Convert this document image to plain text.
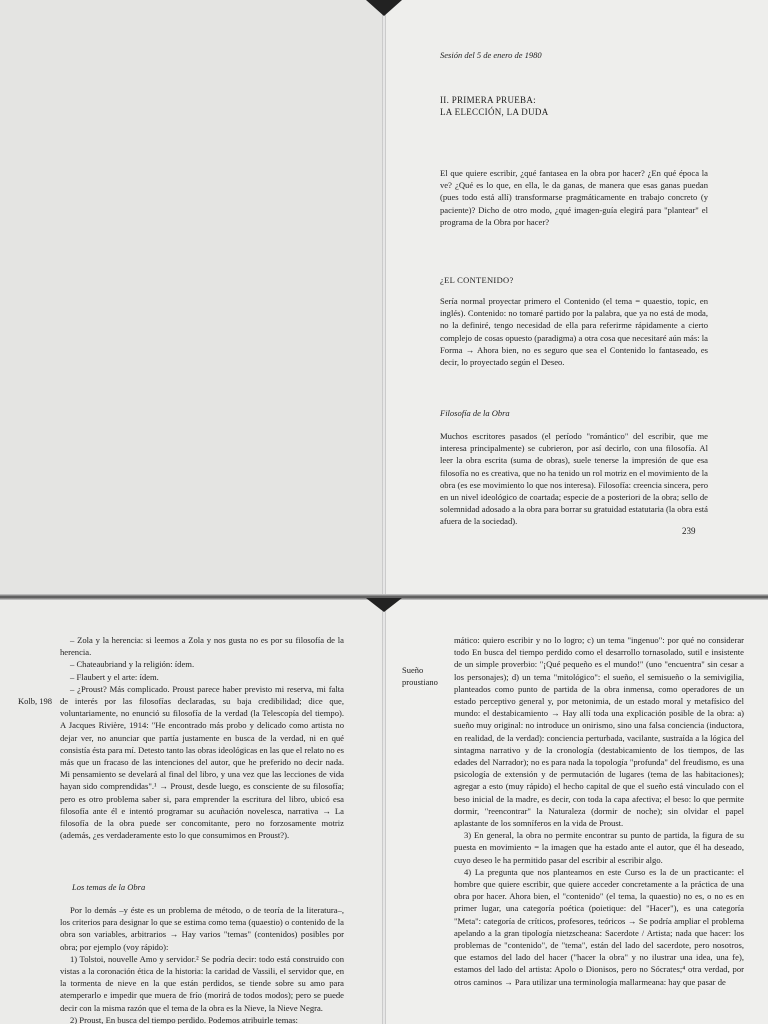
Sesión del 5 de enero de 1980
II. PRIMERA PRUEBA:
LA ELECCIÓN, LA DUDA

El que quiere escribir, ¿qué fantasea en la obra por hacer? ¿En qué época la ve? ¿Qué es lo que, en ella, le da ganas, de manera que esas ganas puedan (pues todo está allí) transformarse pragmáticamente en trabajo concreto (y paciente)? Dicho de otro modo, ¿qué imagen-guía elegirá para "plantear" el programa de la Obra por hacer?

¿EL CONTENIDO?

Sería normal proyectar primero el Contenido (el tema = quaestio, topic, en inglés). Contenido: no tomaré partido por la palabra, que ya no está de moda, no la definiré, tengo necesidad de ella para referirme rápidamente a cierto complejo de cosas opuesto (paradigma) a otra cosa que necesitaré aún más: la Forma → Ahora bien, no es seguro que sea el Contenido lo fantaseado, es decir, lo proyectado según el Deseo.

Filosofía de la Obra

Muchos escritores pasados (el período "romántico" del escribir, que me interesa principalmente) se cubrieron, por así decirlo, con una filosofía. Al leer la obra escrita (suma de obras), suele tenerse la impresión de que esa filosofía no es creativa, que no ha tenido un rol motriz en el movimiento de la obra (es ese movimiento lo que nos interesa). Filosofía: creencia sincera, pero en un nivel ideológico de coartada; especie de a posteriori de la obra; sello de solemnidad adosado a la obra para borrar su gratuidad estatutaria (la obra está afuera de la sociedad).

239
Kolb, 198

– Zola y la herencia: si leemos a Zola y nos gusta no es por su filosofía de la herencia.

– Chateaubriand y la religión: ídem.

– Flaubert y el arte: ídem.

– ¿Proust? Más complicado. Proust parece haber previsto mi reserva, mi falta de interés por las filosofías declaradas, su baja credibilidad; dice que, voluntariamente, no enunció su filosofía de la verdad (la Telescopía del tiempo). A Jacques Rivière, 1914: "He encontrado más probo y delicado como artista no dejar ver, no anunciar que partía justamente en busca de la verdad, ni en qué consistía ésta para mí. Detesto tanto las obras ideológicas en las que el relato no es más que un fracaso de las intenciones del autor, que he preferido no decir nada. Mi pensamiento se develará al final del libro, y una vez que las lecciones de vida hayan sido comprendidas".¹ → Proust, desde luego, es consciente de su filosofía; pero es otro problema saber si, para emprender la escritura del libro, ubicó esa filosofía ante él e intentó programar su acuñación novelesca, narrativa → La filosofía de la obra puede ser concomitante, pero no forzosamente motriz (además, ¿es verdaderamente esto lo que consumimos en Proust?).

Los temas de la Obra

Por lo demás –y éste es un problema de método, o de teoría de la literatura–, los criterios para designar lo que se estima como tema (quaestio) o contenido de la obra son variables, arbitrarios → Hay varios "temas" (contenidos) posibles por obra; por ejemplo (voy rápido):

1) Tolstoi, nouvelle Amo y servidor.² Se podría decir: todo está construido con vistas a la coronación ética de la historia: la caridad de Vassili, el servidor que, en la tormenta de nieve en la que están perdidos, se tiende sobre su amo para atemperarlo e impedir que muera de frío (morirá de todos modos); pero se puede decir con la misma razón que el tema de la obra es la Nieve, la Nieve Negra.

2) Proust, En busca del tiempo perdido. Podemos atribuirle temas:

Sueño
proustiano

mático: quiero escribir y no lo logro; c) un tema "ingenuo": por qué no considerar todo En busca del tiempo perdido como el desarrollo tornasolado, sutil e insistente de un simple proverbio: "¡Qué pequeño es el mundo!" (uno "encuentra" sin cesar a los personajes); d) un tema "mitológico": el sueño, el semisueño o la semivigilia, planteados como punto de partida de la obra inmensa, como operadores de un estado perceptivo general y, por metonimia, de un estado moral y metafísico del mundo: el destabicamiento → Hay allí toda una explicación posible de la obra: a) sueño muy original: no introduce un onirismo, sino una falsa conciencia (inductora, en realidad, de la verdad): conciencia perturbada, vacilante, sustraída a la lógica del sintagma narrativo y de la cronología (destabicamiento de los tiempos, de las edades del Narrador); no es para nada la topología "profunda" del freudismo, es una psicología de extensión y de permutación de lugares (tema de las habitaciones); agregar a esto (muy rápido) el hecho capital de que el sueño está vinculado con el beso inicial de la madre, es decir, con toda la capa afectiva; el beso: lo que permite dormir, "reencontrar" la Naturaleza (dormir de noche); sin olvidar el papel aplastante de los somníferos en la vida de Proust.

3) En general, la obra no permite encontrar su punto de partida, la figura de su puesta en movimiento = la imagen que ha estado ante el autor, que él ha deseado, cuyo deseo le ha permitido pasar del escribir al escribir algo.

4) La pregunta que nos planteamos en este Curso es la de un practicante: el hombre que quiere escribir, que quiere acceder concretamente a la práctica de una obra por hacer. Ahora bien, el "contenido" (el tema, la quaestio) no es, o no es en primer lugar, una categoría poética (poietique: del "Hacer"), es una categoría "Meta": categoría de críticos, profesores, teóricos → Se podría ampliar el problema apelando a la gran tipología nietzscheana: Sacerdote / Artista; nada que hacer: los problemas de "contenido", de "tema", están del lado del sacerdote, pero nosotros, que estamos del lado del hacer ("hacer la obra" y no ilustrar una idea, una fe), estamos del lado del artista: Apolo o Dionisos, pero no Sócrates;⁴ otra verdad, por otros caminos → Para utilizar una terminología mallarmeana: hay que pasar de
